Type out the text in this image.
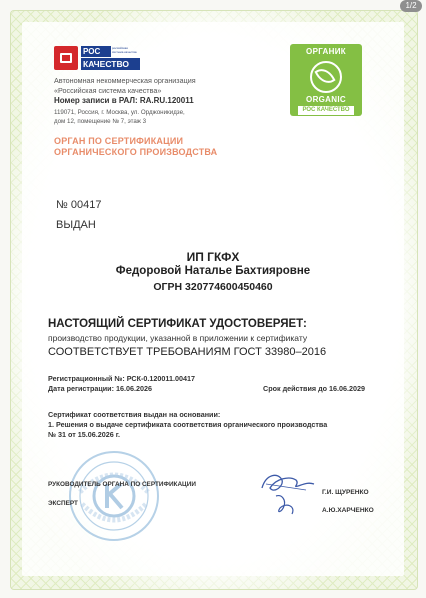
1/2
РОС	российская система качества
КАЧЕСТВО
Автономная некоммерческая организация
«Российская система качества»
Номер записи в РАЛ: RA.RU.120011
119071, Россия, г. Москва, ул. Орджоникидзе,
дом 12, помещение № 7, этаж 3
ОРГАН ПО СЕРТИФИКАЦИИ
ОРГАНИЧЕСКОГО ПРОИЗВОДСТВА
ОРГАНИК
ORGANIC
РОС КАЧЕСТВО
№ 00417
ВЫДАН
ИП ГКФХ
Федоровой Наталье Бахтияровне
ОГРН 320774600450460
НАСТОЯЩИЙ СЕРТИФИКАТ УДОСТОВЕРЯЕТ:
производство продукции, указанной в приложении к сертификату
СООТВЕТСТВУЕТ ТРЕБОВАНИЯМ ГОСТ 33980–2016
Регистрационный №: РСК-0.120011.00417
Дата регистрации: 16.06.2026	Срок действия до 16.06.2029
Сертификат соответствия выдан на основании:
1. Решения о выдаче сертификата соответствия органического производства
№ 31 от 15.06.2026 г.
РУКОВОДИТЕЛЬ ОРГАНА ПО СЕРТИФИКАЦИИ
ЭКСПЕРТ
Г.И. ЩУРЕНКО
А.Ю.ХАРЧЕНКО
